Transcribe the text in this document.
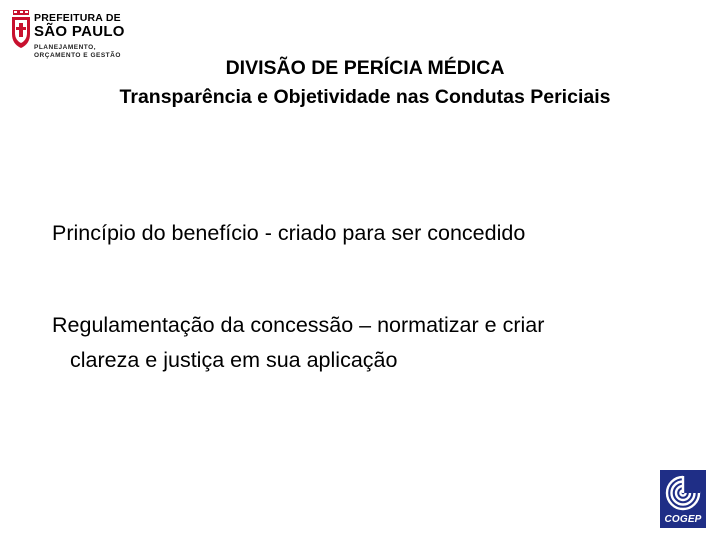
PREFEITURA DE
SÃO PAULO
PLANEJAMENTO,
ORÇAMENTO E GESTÃO
DIVISÃO DE PERÍCIA MÉDICA
Transparência e Objetividade nas Condutas Periciais
Princípio do benefício - criado para ser concedido
Regulamentação da concessão – normatizar e criar
clareza e justiça em sua aplicação
COGEP
